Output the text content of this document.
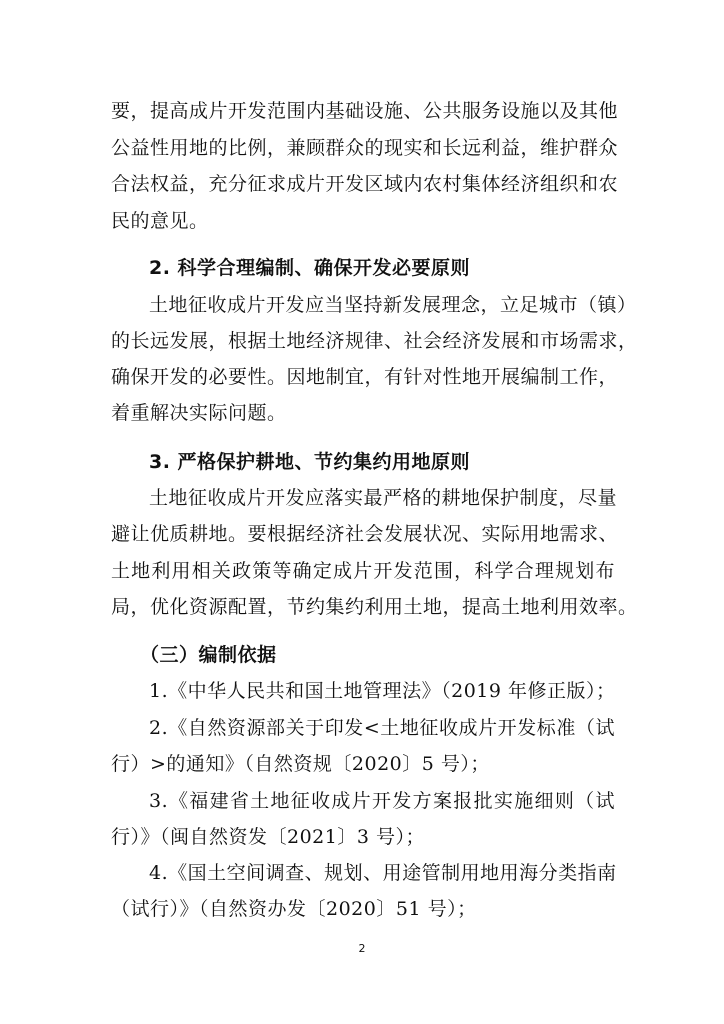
要，提高成片开发范围内基础设施、公共服务设施以及其他
公益性用地的比例，兼顾群众的现实和长远利益，维护群众
合法权益，充分征求成片开发区域内农村集体经济组织和农
民的意见。
2. 科学合理编制、确保开发必要原则
土地征收成片开发应当坚持新发展理念，立足城市（镇）
的长远发展，根据土地经济规律、社会经济发展和市场需求，
确保开发的必要性。因地制宜，有针对性地开展编制工作，
着重解决实际问题。
3. 严格保护耕地、节约集约用地原则
土地征收成片开发应落实最严格的耕地保护制度，尽量
避让优质耕地。要根据经济社会发展状况、实际用地需求、
土地利用相关政策等确定成片开发范围，科学合理规划布
局，优化资源配置，节约集约利用土地，提高土地利用效率。
（三）编制依据
1.《中华人民共和国土地管理法》（2019 年修正版）；
2.《自然资源部关于印发<土地征收成片开发标准（试
行）>的通知》（自然资规〔2020〕5 号）；
3.《福建省土地征收成片开发方案报批实施细则（试
行）》（闽自然资发〔2021〕3 号）；
4.《国土空间调查、规划、用途管制用地用海分类指南
（试行）》（自然资办发〔2020〕51 号）；
2
